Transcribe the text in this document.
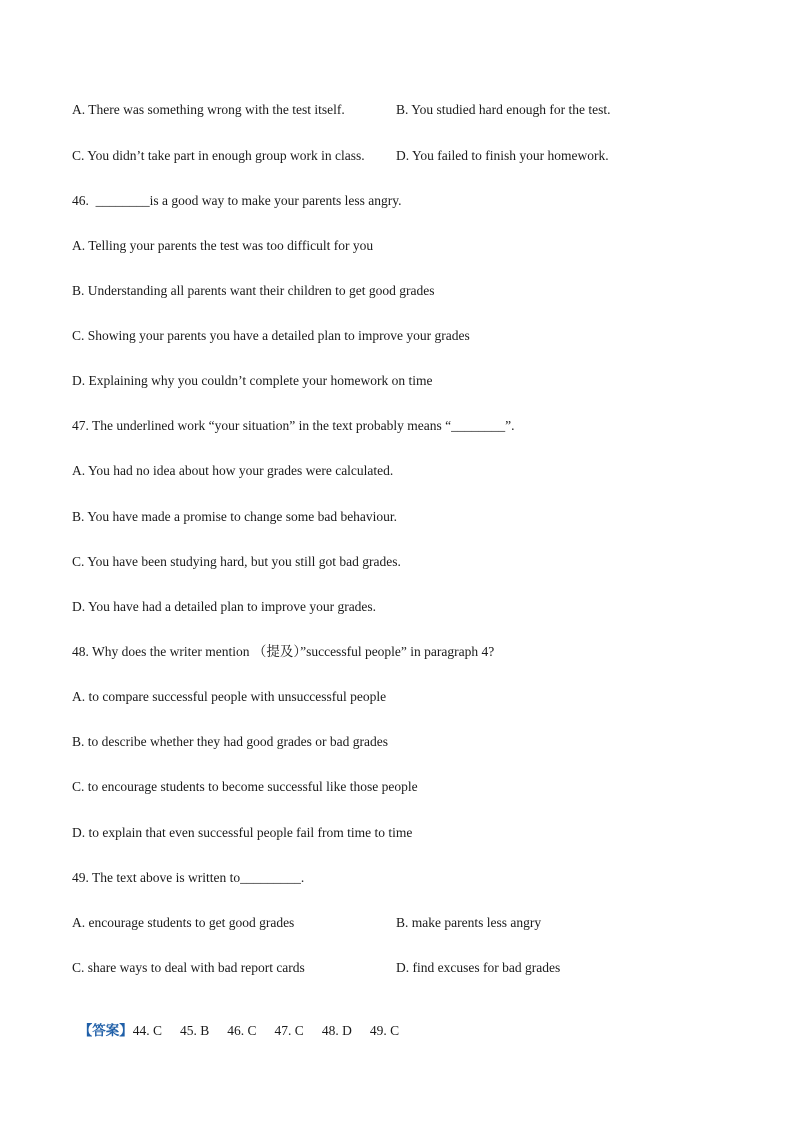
A. There was something wrong with the test itself.	B. You studied hard enough for the test.
C. You didn’t take part in enough group work in class. D. You failed to finish your homework.
46.  ________is a good way to make your parents less angry.
A. Telling your parents the test was too difficult for you
B. Understanding all parents want their children to get good grades
C. Showing your parents you have a detailed plan to improve your grades
D. Explaining why you couldn’t complete your homework on time
47. The underlined work “your situation” in the text probably means “________”.
A. You had no idea about how your grades were calculated.
B. You have made a promise to change some bad behaviour.
C. You have been studying hard, but you still got bad grades.
D. You have had a detailed plan to improve your grades.
48. Why does the writer mention （提及）”successful people” in paragraph 4?
A. to compare successful people with unsuccessful people
B. to describe whether they had good grades or bad grades
C. to encourage students to become successful like those people
D. to explain that even successful people fail from time to time
49. The text above is written to_________.
A. encourage students to get good grades	B. make parents less angry
C. share ways to deal with bad report cards	D. find excuses for bad grades

【答案】44. C 45. B 46. C 47. C 48. D 49. C
